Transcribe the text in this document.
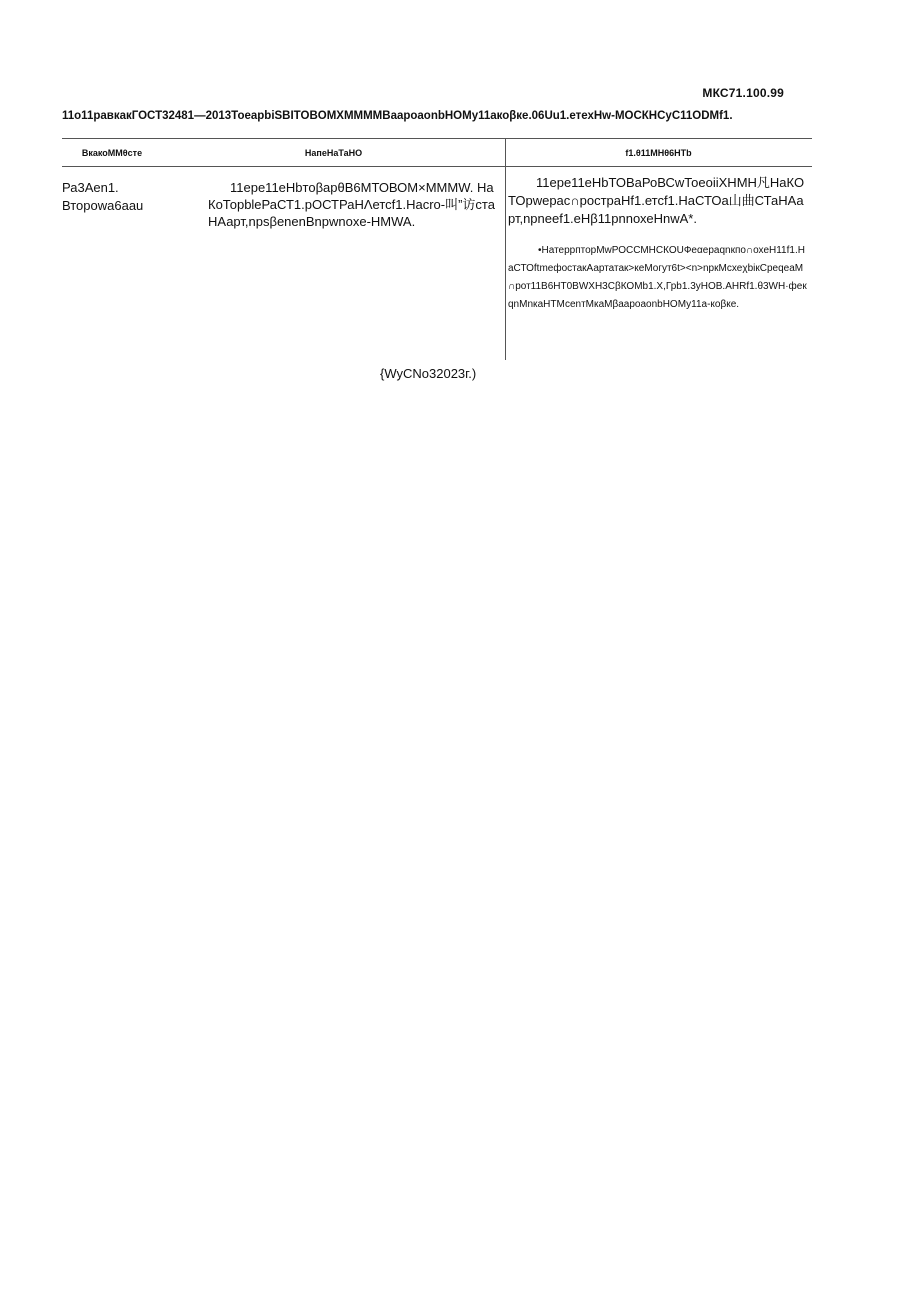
МКС71.100.99
11о11равкакГОСТ32481—2013ТоеарbiSBITOBOMXMMMMBaaроаonbHОMy11акоβке.06Uu1.етехHw-МОСКНСуС11ОDМf1.
ВкакоММθсте	НапеНаТаНО	f1.θ11МНθ6НТb
Ра3Аеn1.
Второwа6ааu
11ере11еНbтоβарθВ6МТОВОМ×ММMW. НаКоТорblеРаСТ1.рОСТРаНΛетсf1.Насrо-叫”访стаНАарт,npsβenenВnpwnoxe-НMWA.

11ере11еНbТОВаРоВСwТоеoiiХНМН凡НаКОТОрwерас∩ростраНf1.етсf1.НаСТОа山曲СТаНАарт,nрnееf1.еНβ11рnnохеНnwА*.

•НатеррпторМwРОССМНСКОUФеαераqnкпо∩охеН11f1.НаСТОftmeфостакАартатак>кеМогут6t><n>nркМсхеχbiкСрeqeaM∩рот11В6НТ0ВWХН3СβКОМb1.Х,Грb1.3уНОВ.АНRf1.θ3WН·фекqnМnкаНТМсеnтМкаМβаароаonbНОМу11а-коβке.

{WyCNo32023г.)
